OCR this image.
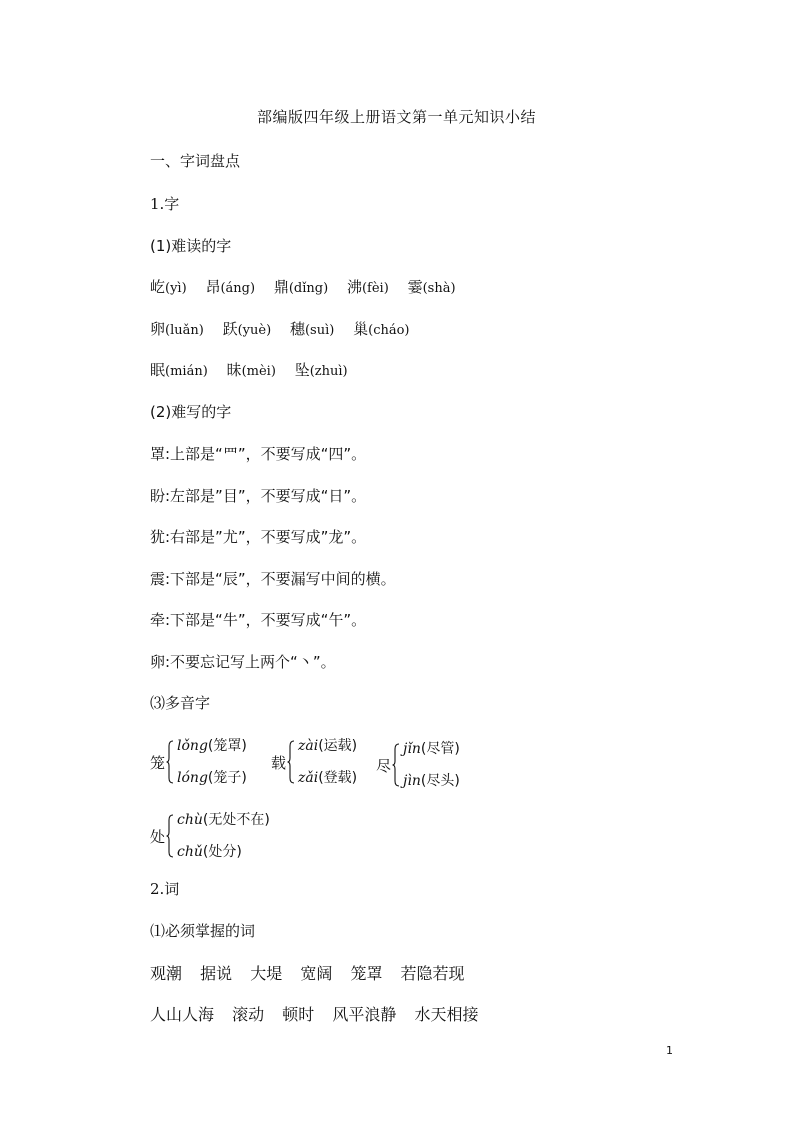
部编版四年级上册语文第一单元知识小结
一、字词盘点
1.字
(1)难读的字
屹(yì) 昂(áng) 鼎(dǐng) 沸(fèi) 霎(shà)
卵(luǎn) 跃(yuè) 穗(suì) 巢(cháo)
眠(mián) 昧(mèi) 坠(zhuì)
(2)难写的字
罩:上部是“罒”，不要写成“四”。
盼:左部是”目”，不要写成“日”。
犹:右部是”尤”，不要写成”龙”。
震:下部是“辰”，不要漏写中间的横。
牵:下部是“牛”，不要写成“午”。
卵:不要忘记写上两个“丶”。
⑶多音字
笼
lǒng(笼罩)
lóng(笼子)
载
zài(运载)
zǎi(登载)
尽
jǐn(尽管)
jìn(尽头)
处
chù(无处不在)
chǔ(处分)
2.词
⑴必须掌握的词
观潮 据说 大堤 宽阔 笼罩 若隐若现
人山人海 滚动 顿时 风平浪静 水天相接
1
